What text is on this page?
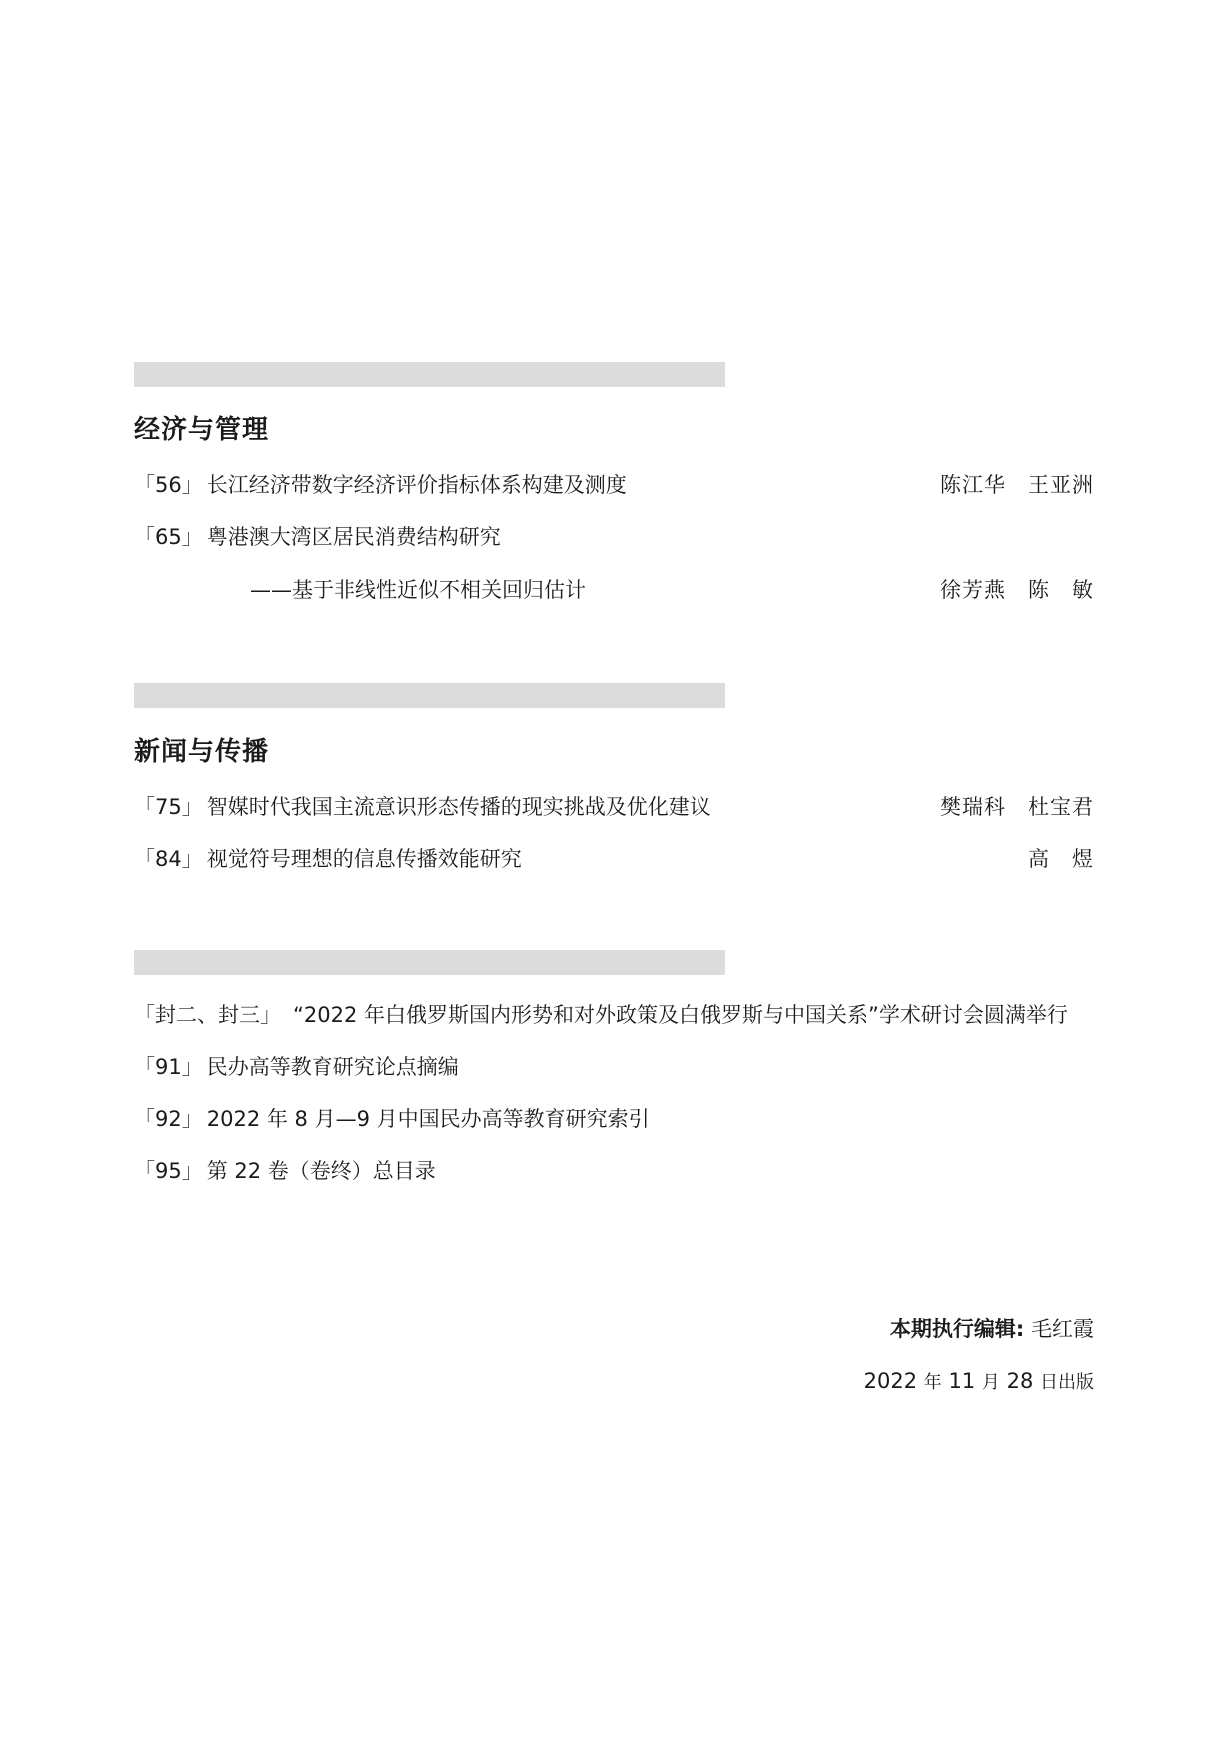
经济与管理
「56」 长江经济带数字经济评价指标体系构建及测度	陈江华　王亚洲
「65」 粤港澳大湾区居民消费结构研究
——基于非线性近似不相关回归估计	徐芳燕　陈　敏
新闻与传播
「75」 智媒时代我国主流意识形态传播的现实挑战及优化建议	樊瑞科　杜宝君
「84」 视觉符号理想的信息传播效能研究	高　煜
「封二、封三」 “2022 年白俄罗斯国内形势和对外政策及白俄罗斯与中国关系”学术研讨会圆满举行
「91」 民办高等教育研究论点摘编
「92」 2022 年 8 月—9 月中国民办高等教育研究索引
「95」 第 22 卷（卷终）总目录
本期执行编辑: 毛红霞
2022 年 11 月 28 日出版
